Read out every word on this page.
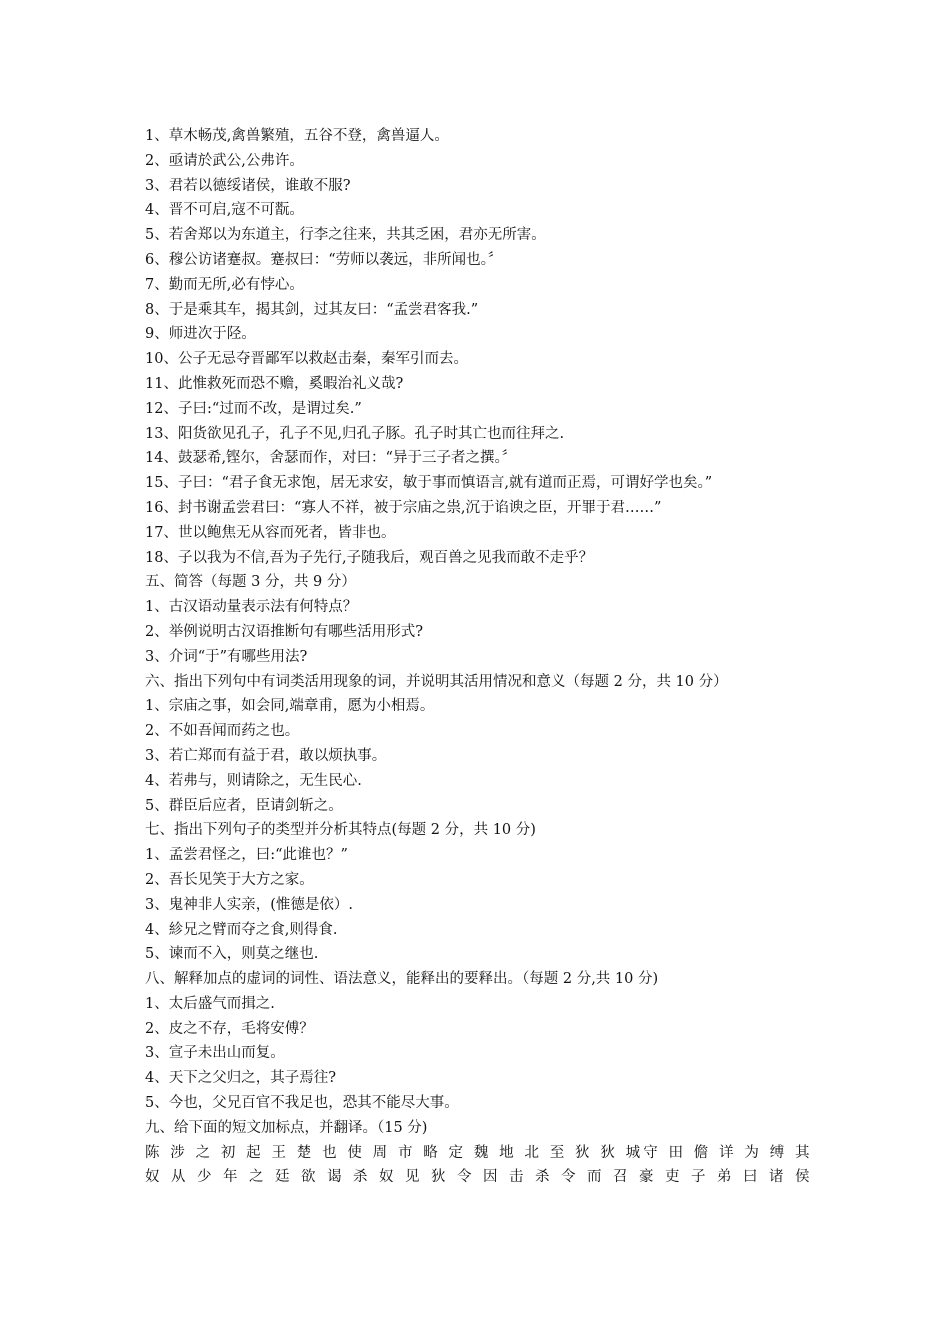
1、草木畅茂,禽兽繁殖，五谷不登，禽兽逼人。
2、亟请於武公,公弗许。
3、君若以德绥诸侯，谁敢不服?
4、晋不可启,寇不可翫。
5、若舍郑以为东道主，行李之往来，共其乏困，君亦无所害。
6、穆公访诸蹇叔。蹇叔曰：“劳师以袭远，非所闻也。〞
7、勤而无所,必有悖心。
8、于是乘其车，揭其剑，过其友曰：“孟尝君客我.”
9、师进次于陉。
10、公子无忌夺晋鄙军以救赵击秦，秦军引而去。
11、此惟救死而恐不赡，奚暇治礼义哉?
12、子曰:“过而不改，是谓过矣.”
13、阳货欲见孔子，孔子不见,归孔子豚。孔子时其亡也而往拜之.
14、鼓瑟希,铿尔，舍瑟而作，对曰：“异于三子者之撰。〞
15、子曰：“君子食无求饱，居无求安，敏于事而慎语言,就有道而正焉，可谓好学也矣。”
16、封书谢孟尝君曰：“寡人不祥，被于宗庙之祟,沉于谄谀之臣，开罪于君……”
17、世以鲍焦无从容而死者，皆非也。
18、子以我为不信,吾为子先行,子随我后，观百兽之见我而敢不走乎？
五、简答（每题 3 分，共 9 分）
1、古汉语动量表示法有何特点？
2、举例说明古汉语推断句有哪些活用形式?
3、介词“于”有哪些用法?
六、指出下列句中有词类活用现象的词，并说明其活用情况和意义（每题 2 分，共 10 分）
1、宗庙之事，如会同,端章甫，愿为小相焉。
2、不如吾闻而药之也。
3、若亡郑而有益于君，敢以烦执事。
4、若弗与，则请除之，无生民心.
5、群臣后应者，臣请剑斩之。
七、指出下列句子的类型并分析其特点(每题 2 分，共 10 分)
1、孟尝君怪之，曰:“此谁也？”
2、吾长见笑于大方之家。
3、鬼神非人实亲，(惟德是依）.
4、紾兄之臂而夺之食,则得食.
5、谏而不入，则莫之继也.
八、解释加点的虚词的词性、语法意义，能释出的要释出。（每题 2 分,共 10 分)
1、太后盛气而揖之.
2、皮之不存，毛将安傅？
3、宣子未出山而复。
4、天下之父归之，其子焉往?
5、今也，父兄百官不我足也，恐其不能尽大事。
九、给下面的短文加标点，并翻译。（15 分)
陈 涉 之 初 起 王 楚 也 使 周 市 略 定 魏 地 北 至 狄 狄 城守 田 儋 详 为 缚 其
奴 从 少 年 之 廷 欲 谒 杀 奴 见 狄 令 因 击 杀 令 而 召 豪 吏 子 弟 曰 诸 侯
